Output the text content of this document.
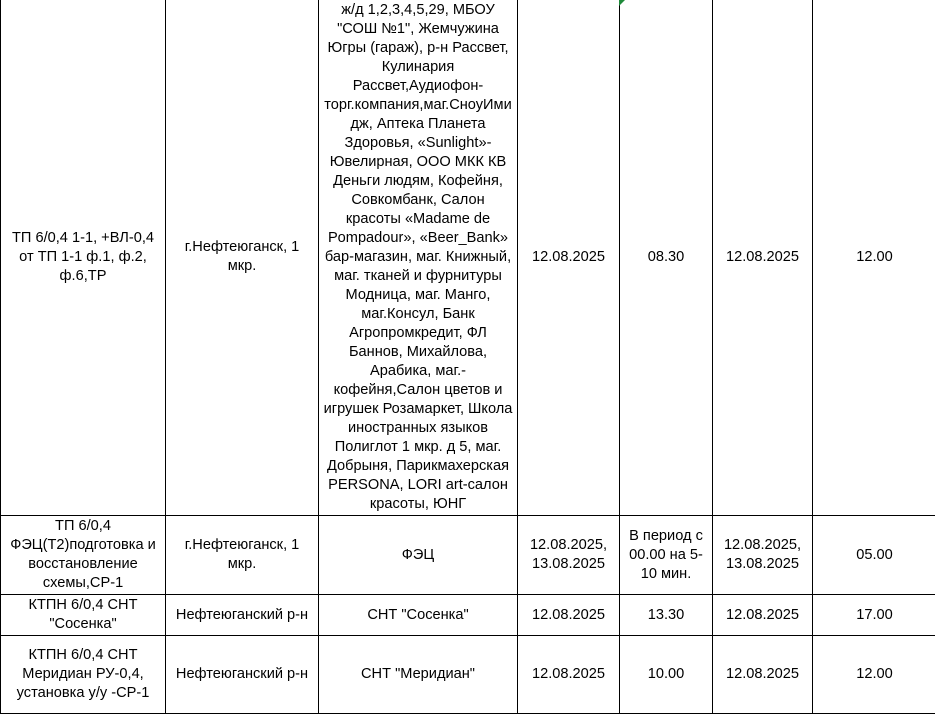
ТП 6/0,4 1-1, +ВЛ-0,4 от ТП 1-1 ф.1, ф.2, ф.6,ТР	г.Нефтеюганск, 1 мкр.	ж/д 1,2,3,4,5,29, МБОУ "СОШ №1", Жемчужина Югры (гараж), р-н Рассвет, Кулинария Рассвет,Аудиофон-торг.компания,маг.СноуИмидж, Аптека Планета Здоровья, «Sunlight»-Ювелирная, ООО МКК КВ Деньги людям, Кофейня, Совкомбанк, Салон красоты «Madame de Pompadour», «Beer_Bank» бар-магазин, маг. Книжный, маг. тканей и фурнитуры Модница, маг. Манго, маг.Консул, Банк Агропромкредит, ФЛ Баннов, Михайлова, Арабика, маг.-кофейня,Салон цветов и игрушек Розамаркет, Школа иностранных языков Полиглот 1 мкр. д 5, маг. Добрыня, Парикмахерская PERSONA, LORI art-салон красоты, ЮНГ	12.08.2025	08.30	12.08.2025	12.00
ТП 6/0,4 ФЭЦ(Т2)подготовка и восстановление схемы,СР-1	г.Нефтеюганск, 1 мкр.	ФЭЦ	12.08.2025, 13.08.2025	В период с 00.00 на 5-10 мин.	12.08.2025, 13.08.2025	05.00
КТПН 6/0,4 СНТ "Сосенка"	Нефтеюганский р-н	СНТ "Сосенка"	12.08.2025	13.30	12.08.2025	17.00
КТПН 6/0,4 СНТ Меридиан РУ-0,4, установка у/у -СР-1	Нефтеюганский р-н	СНТ "Меридиан"	12.08.2025	10.00	12.08.2025	12.00
